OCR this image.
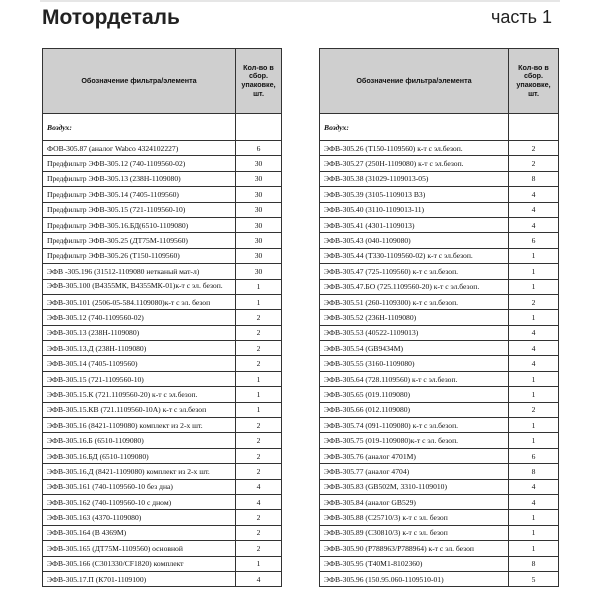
Мотордеталь	часть 1
Обозначение фильтра/элемента	Кол-во в сбор. упаковке, шт.
Воздух:	
ФОВ-305.87 (аналог Wabco 4324102227)	6
Предфильтр ЭФВ-305.12 (740-1109560-02)	30
Предфильтр ЭФВ-305.13 (238Н-1109080)	30
Предфильтр ЭФВ-305.14 (7405-1109560)	30
Предфильтр ЭФВ-305.15 (721-1109560-10)	30
Предфильтр ЭФВ-305.16.БД(6510-1109080)	30
Предфильтр ЭФВ-305.25 (ДТ75М-1109560)	30
Предфильтр ЭФВ-305.26 (Т150-1109560)	30
ЭФВ -305.196 (31512-1109080 нетканый мат-л)	30
ЭФВ-305.100 (В4355МК, В4355МК-01)к-т с эл. безоп.	1
ЭФВ-305.101 (2506-05-584.1109080)к-т с эл. безоп	1
ЭФВ-305.12 (740-1109560-02)	2
ЭФВ-305.13 (238Н-1109080)	2
ЭФВ-305.13.Д (238Н-1109080)	2
ЭФВ-305.14 (7405-1109560)	2
ЭФВ-305.15 (721-1109560-10)	1
ЭФВ-305.15.К (721.1109560-20) к-т с эл.безоп.	1
ЭФВ-305.15.КВ (721.1109560-10А) к-т с эл.безоп	1
ЭФВ-305.16 (8421-1109080) комплект из 2-х шт.	2
ЭФВ-305.16.Б (6510-1109080)	2
ЭФВ-305.16.БД (6510-1109080)	2
ЭФВ-305.16.Д (8421-1109080) комплект из 2-х шт.	2
ЭФВ-305.161 (740-1109560-10 без дна)	4
ЭФВ-305.162 (740-1109560-10 с дном)	4
ЭФВ-305.163 (4370-1109080)	2
ЭФВ-305.164 (В 4369М)	2
ЭФВ-305.165 (ДТ75М-1109560) основной	2
ЭФВ-305.166 (С301330/CF1820) комплект	1
ЭФВ-305.17.П (К701-1109100)	4
Обозначение фильтра/элемента	Кол-во в сбор. упаковке, шт.
Воздух:	
ЭФВ-305.26 (Т150-1109560) к-т с эл.безоп.	2
ЭФВ-305.27 (250Н-1109080) к-т с эл.безоп.	2
ЭФВ-305.38 (31029-1109013-05)	8
ЭФВ-305.39 (3105-1109013 В3)	4
ЭФВ-305.40 (3110-1109013-11)	4
ЭФВ-305.41 (4301-1109013)	4
ЭФВ-305.43 (040-1109080)	6
ЭФВ-305.44 (Т330-1109560-02) к-т с эл.безоп.	1
ЭФВ-305.47 (725-1109560) к-т с эл.безоп.	1
ЭФВ-305.47.БО (725.1109560-20) к-т с эл.безоп.	1
ЭФВ-305.51 (260-1109300) к-т с эл.безоп.	2
ЭФВ-305.52 (236Н-1109080)	1
ЭФВ-305.53 (40522-1109013)	4
ЭФВ-305.54 (GB9434M)	4
ЭФВ-305.55 (3160-1109080)	4
ЭФВ-305.64 (728.1109560) к-т с эл.безоп.	1
ЭФВ-305.65 (019.1109080)	1
ЭФВ-305.66 (012.1109080)	2
ЭФВ-305.74 (091-1109080) к-т с эл.безоп.	1
ЭФВ-305.75 (019-1109080)к-т с эл. безоп.	1
ЭФВ-305.76 (аналог 4701М)	6
ЭФВ-305.77 (аналог 4704)	8
ЭФВ-305.83 (GB502M, 3310-1109010)	4
ЭФВ-305.84 (аналог GB529)	4
ЭФВ-305.88 (С25710/3) к-т с эл. безоп	1
ЭФВ-305.89 (С30810/3) к-т с эл. безоп	1
ЭФВ-305.90 (Р788963/Р788964) к-т с эл. безоп	1
ЭФВ-305.95 (Т40М1-8102360)	8
ЭФВ-305.96 (150.95.060-1109510-01)	5
